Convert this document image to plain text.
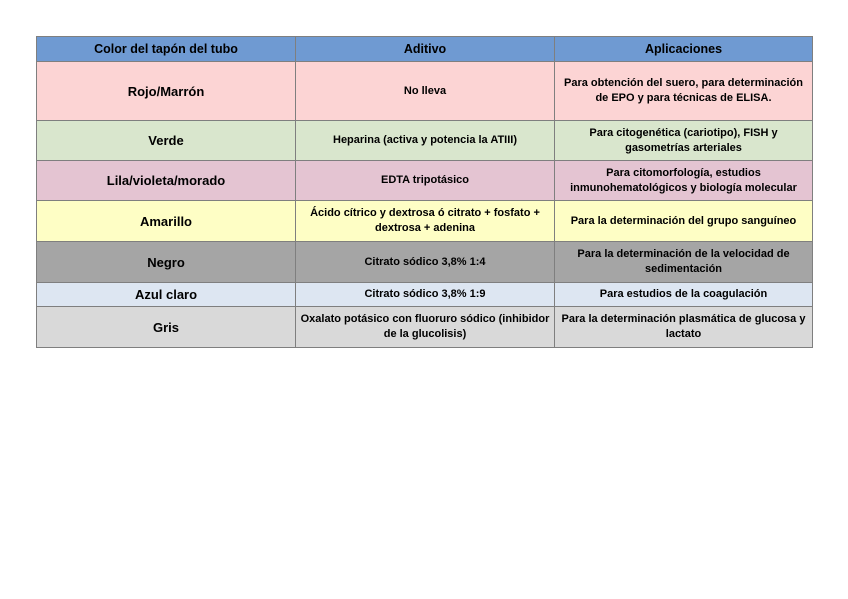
Color del tapón del tubo	Aditivo	Aplicaciones
Rojo/Marrón	No lleva	Para obtención del suero, para determinación de EPO y para técnicas de ELISA.
Verde	Heparina (activa y potencia la ATIII)	Para citogenética (cariotipo), FISH y gasometrías arteriales
Lila/violeta/morado	EDTA tripotásico	Para citomorfología, estudios inmunohematológicos y biología molecular
Amarillo	Ácido cítrico y dextrosa ó citrato + fosfato + dextrosa + adenina	Para la determinación del grupo sanguíneo
Negro	Citrato sódico 3,8% 1:4	Para la determinación de la velocidad de sedimentación
Azul claro	Citrato sódico 3,8% 1:9	Para estudios de la coagulación
Gris	Oxalato potásico con fluoruro sódico (inhibidor de la glucolisis)	Para la determinación plasmática de glucosa y lactato
